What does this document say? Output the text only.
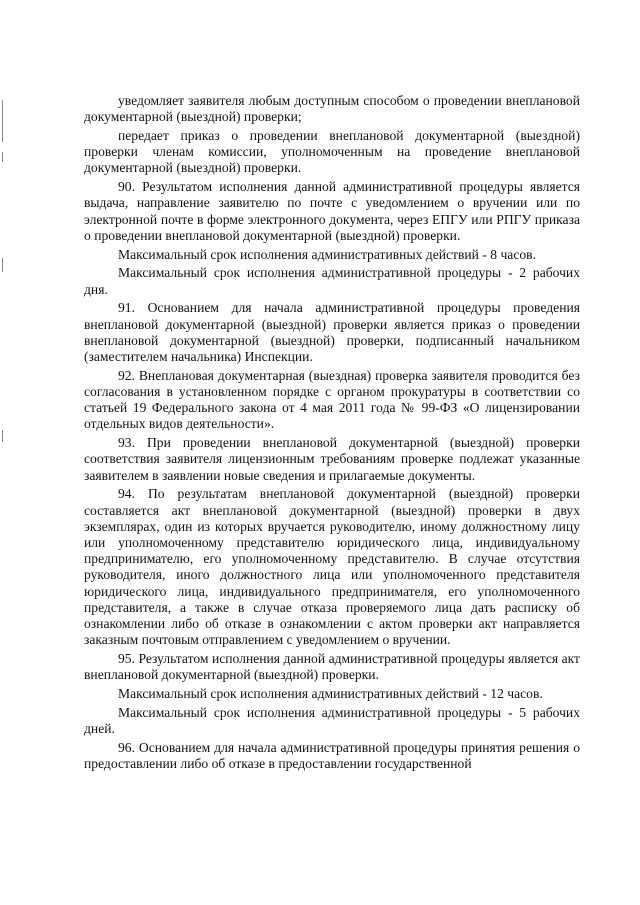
уведомляет заявителя любым доступным способом о проведении внеплановой документарной (выездной) проверки;

передает приказ о проведении внеплановой документарной (выездной) проверки членам комиссии, уполномоченным на проведение внеплановой документарной (выездной) проверки.

90. Результатом исполнения данной административной процедуры является выдача, направление заявителю по почте с уведомлением о вручении или по электронной почте в форме электронного документа, через ЕПГУ или РПГУ приказа о проведении внеплановой документарной (выездной) проверки.

Максимальный срок исполнения административных действий - 8 часов.

Максимальный срок исполнения административной процедуры - 2 рабочих дня.

91. Основанием для начала административной процедуры проведения внеплановой документарной (выездной) проверки является приказ о проведении внеплановой документарной (выездной) проверки, подписанный начальником (заместителем начальника) Инспекции.

92. Внеплановая документарная (выездная) проверка заявителя проводится без согласования в установленном порядке с органом прокуратуры в соответствии со статьей 19 Федерального закона от 4 мая 2011 года № 99-ФЗ «О лицензировании отдельных видов деятельности».

93. При проведении внеплановой документарной (выездной) проверки соответствия заявителя лицензионным требованиям проверке подлежат указанные заявителем в заявлении новые сведения и прилагаемые документы.

94. По результатам внеплановой документарной (выездной) проверки составляется акт внеплановой документарной (выездной) проверки в двух экземплярах, один из которых вручается руководителю, иному должностному лицу или уполномоченному представителю юридического лица, индивидуальному предпринимателю, его уполномоченному представителю. В случае отсутствия руководителя, иного должностного лица или уполномоченного представителя юридического лица, индивидуального предпринимателя, его уполномоченного представителя, а также в случае отказа проверяемого лица дать расписку об ознакомлении либо об отказе в ознакомлении с актом проверки акт направляется заказным почтовым отправлением с уведомлением о вручении.

95. Результатом исполнения данной административной процедуры является акт внеплановой документарной (выездной) проверки.

Максимальный срок исполнения административных действий - 12 часов.

Максимальный срок исполнения административной процедуры - 5 рабочих дней.

96. Основанием для начала административной процедуры принятия решения о предоставлении либо об отказе в предоставлении государственной
